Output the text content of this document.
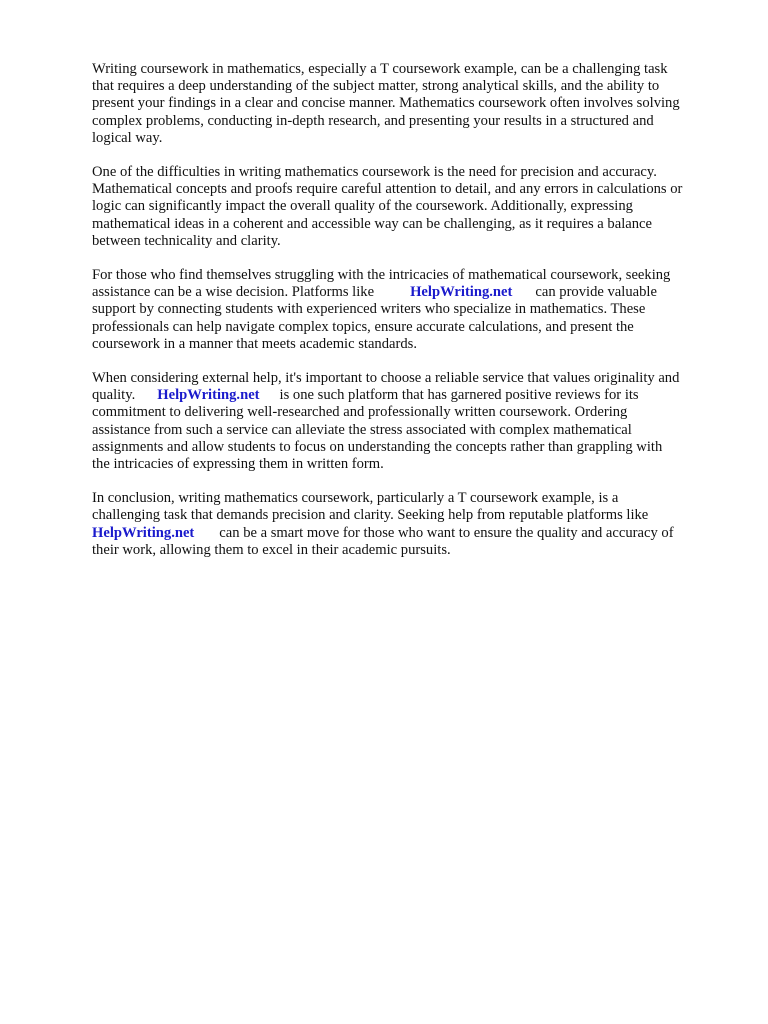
Writing coursework in mathematics, especially a T coursework example, can be a challenging task
that requires a deep understanding of the subject matter, strong analytical skills, and the ability to
present your findings in a clear and concise manner. Mathematics coursework often involves solving
complex problems, conducting in-depth research, and presenting your results in a structured and
logical way.
One of the difficulties in writing mathematics coursework is the need for precision and accuracy.
Mathematical concepts and proofs require careful attention to detail, and any errors in calculations or
logic can significantly impact the overall quality of the coursework. Additionally, expressing
mathematical ideas in a coherent and accessible way can be challenging, as it requires a balance
between technicality and clarity.
For those who find themselves struggling with the intricacies of mathematical coursework, seeking
assistance can be a wise decision. Platforms like HelpWriting.net can provide valuable
support by connecting students with experienced writers who specialize in mathematics. These
professionals can help navigate complex topics, ensure accurate calculations, and present the
coursework in a manner that meets academic standards.
When considering external help, it's important to choose a reliable service that values originality and
quality. HelpWriting.net is one such platform that has garnered positive reviews for its
commitment to delivering well-researched and professionally written coursework. Ordering
assistance from such a service can alleviate the stress associated with complex mathematical
assignments and allow students to focus on understanding the concepts rather than grappling with
the intricacies of expressing them in written form.
In conclusion, writing mathematics coursework, particularly a T coursework example, is a
challenging task that demands precision and clarity. Seeking help from reputable platforms like
HelpWriting.net can be a smart move for those who want to ensure the quality and accuracy of
their work, allowing them to excel in their academic pursuits.
